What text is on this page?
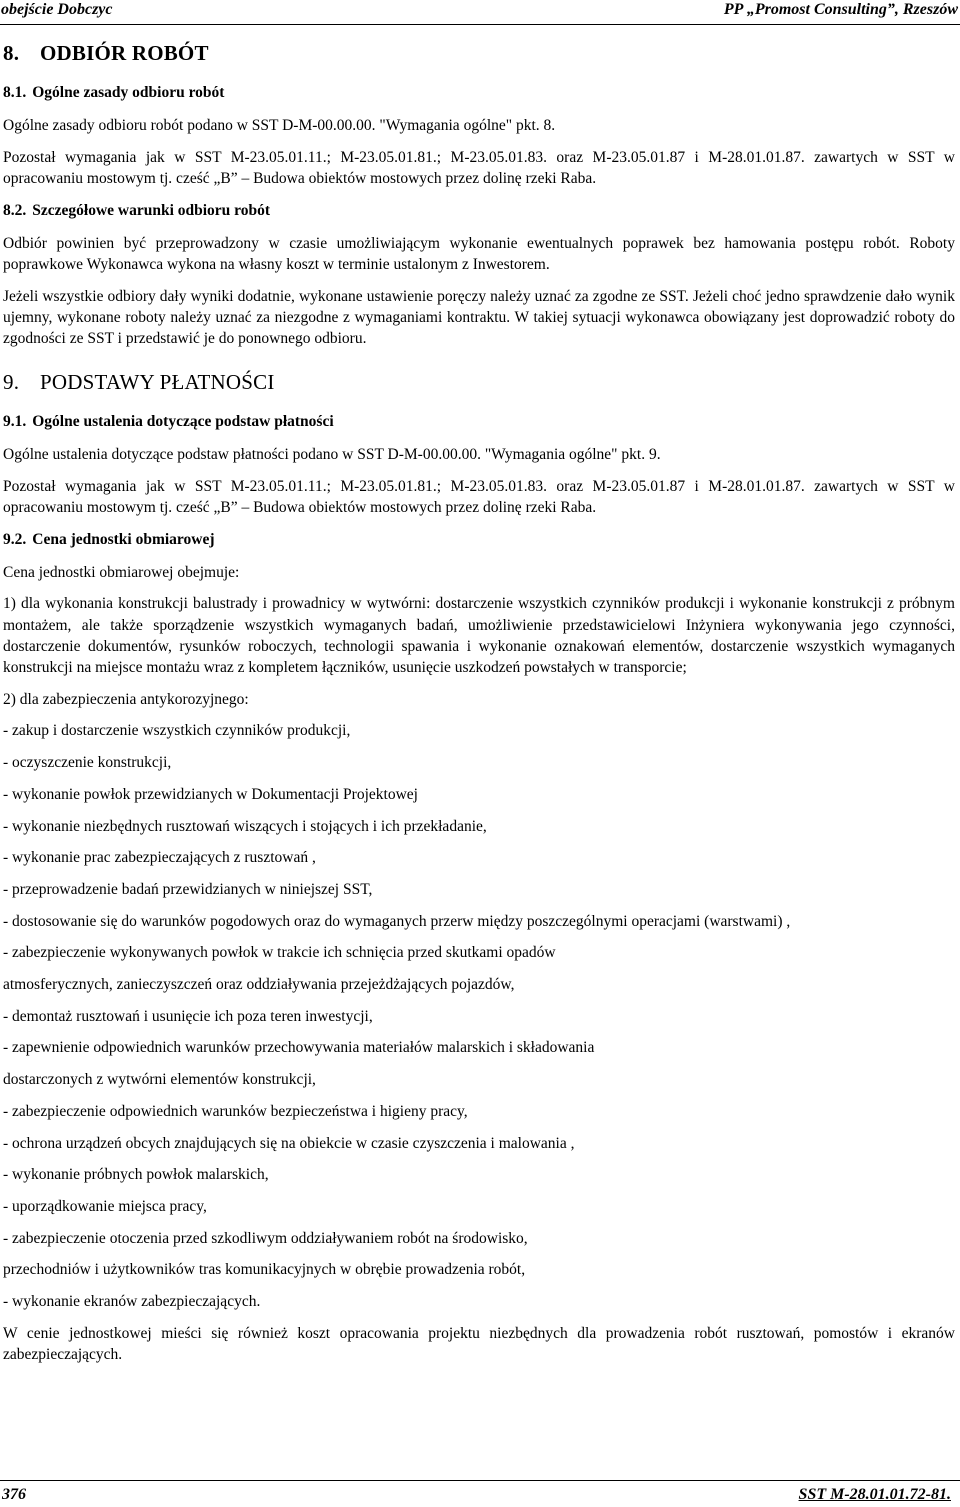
obejście Dobczyc	PP „Promost Consulting”, Rzeszów
8. ODBIÓR ROBÓT
8.1. Ogólne zasady odbioru robót

Ogólne zasady odbioru robót podano w SST D-M-00.00.00. "Wymagania ogólne" pkt. 8.

Pozostał wymagania jak w SST M-23.05.01.11.; M-23.05.01.81.; M-23.05.01.83. oraz M-23.05.01.87 i M-28.01.01.87. zawartych w SST w opracowaniu mostowym tj. cześć „B” – Budowa obiektów mostowych przez dolinę rzeki Raba.

8.2. Szczegółowe warunki odbioru robót

Odbiór powinien być przeprowadzony w czasie umożliwiającym wykonanie ewentualnych poprawek bez hamowania postępu robót. Roboty poprawkowe Wykonawca wykona na własny koszt w terminie ustalonym z Inwestorem.

Jeżeli wszystkie odbiory dały wyniki dodatnie, wykonane ustawienie poręczy należy uznać za zgodne ze SST. Jeżeli choć jedno sprawdzenie dało wynik ujemny, wykonane roboty należy uznać za niezgodne z wymaganiami kontraktu. W takiej sytuacji wykonawca obowiązany jest doprowadzić roboty do zgodności ze SST i przedstawić je do ponownego odbioru.

9. PODSTAWY PŁATNOŚCI
9.1. Ogólne ustalenia dotyczące podstaw płatności

Ogólne ustalenia dotyczące podstaw płatności podano w SST D-M-00.00.00. "Wymagania ogólne" pkt. 9.

Pozostał wymagania jak w SST M-23.05.01.11.; M-23.05.01.81.; M-23.05.01.83. oraz M-23.05.01.87 i M-28.01.01.87. zawartych w SST w opracowaniu mostowym tj. cześć „B” – Budowa obiektów mostowych przez dolinę rzeki Raba.

9.2. Cena jednostki obmiarowej

Cena jednostki obmiarowej obejmuje:

1) dla wykonania konstrukcji balustrady i prowadnicy w wytwórni: dostarczenie wszystkich czynników produkcji i wykonanie konstrukcji z próbnym montażem, ale także sporządzenie wszystkich wymaganych badań, umożliwienie przedstawicielowi Inżyniera wykonywania jego czynności, dostarczenie dokumentów, rysunków roboczych, technologii spawania i wykonanie oznakowań elementów, dostarczenie wszystkich wymaganych konstrukcji na miejsce montażu wraz z kompletem łączników, usunięcie uszkodzeń powstałych w transporcie;

2) dla zabezpieczenia antykorozyjnego:

- zakup i dostarczenie wszystkich czynników produkcji,
- oczyszczenie konstrukcji,
- wykonanie powłok przewidzianych w Dokumentacji Projektowej
- wykonanie niezbędnych rusztowań wiszących i stojących i ich przekładanie,
- wykonanie prac zabezpieczających z rusztowań ,
- przeprowadzenie badań przewidzianych w niniejszej SST,
- dostosowanie się do warunków pogodowych oraz do wymaganych przerw między poszczególnymi operacjami (warstwami) ,
- zabezpieczenie wykonywanych powłok w trakcie ich schnięcia przed skutkami opadów
atmosferycznych, zanieczyszczeń oraz oddziaływania przejeżdżających pojazdów,
- demontaż rusztowań i usunięcie ich poza teren inwestycji,
- zapewnienie odpowiednich warunków przechowywania materiałów malarskich i składowania
dostarczonych z wytwórni elementów konstrukcji,
- zabezpieczenie odpowiednich warunków bezpieczeństwa i higieny pracy,
- ochrona urządzeń obcych znajdujących się na obiekcie w czasie czyszczenia i malowania ,
- wykonanie próbnych powłok malarskich,
- uporządkowanie miejsca pracy,
- zabezpieczenie otoczenia przed szkodliwym oddziaływaniem robót na środowisko,
przechodniów i użytkowników tras komunikacyjnych w obrębie prowadzenia robót,
- wykonanie ekranów zabezpieczających.

W cenie jednostkowej mieści się również koszt opracowania projektu niezbędnych dla prowadzenia robót rusztowań, pomostów i ekranów zabezpieczających.

376	SST M-28.01.01.72-81.
